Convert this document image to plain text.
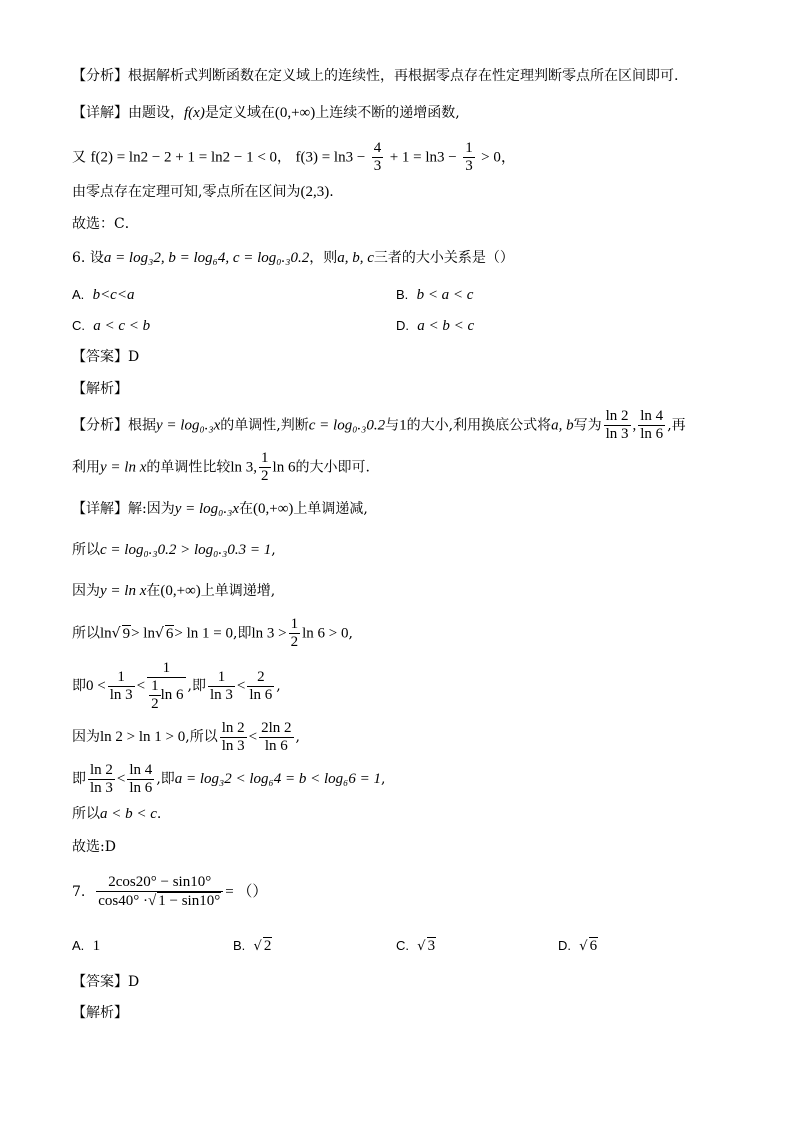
【分析】根据解析式判断函数在定义域上的连续性，再根据零点存在性定理判断零点所在区间即可.
【详解】由题设，f(x)是定义域在(0,+∞)上连续不断的递增函数,
又 f(2) = ln2 − 2 + 1 = ln2 − 1 < 0， $f(3) = \ln 3 - \frac{4}{3} + 1 = \ln 3 - \frac{1}{3} > 0$，
由零点存在定理可知,零点所在区间为(2,3).
故选：C．
6. 设a = log₃2, b = log₆4, c = log₀.₃0.2，则a, b, c三者的大小关系是（）
A. b<c<a	B. b < a < c
C. a < c < b	D. a < b < c
【答案】D
【解析】
【分析】根据y = log₀.₃x的单调性,判断c = log₀.₃0.2与1的大小,利用换底公式将a, b写为 $\frac{\ln 2}{\ln 3}$ , $\frac{\ln 4}{\ln 6}$ ,再
利用y = ln x的单调性比较ln 3, $\frac{1}{2}$ ln 6的大小即可.
【详解】解:因为y = log₀.₃x在(0,+∞)上单调递减,
所以c = log₀.₃0.2 > log₀.₃0.3 = 1,
因为y = ln x在(0,+∞)上单调递增,
所以ln√ 9> ln√ 6> ln 1 = 0,即$\ln 3 > \frac{1}{2}$ ln 6 > 0,
即$0 < \frac{1}{\ln 3} < \frac{1}{\frac{1}{2} \ln 6}$ ,即 $\frac{1}{\ln 3} < \frac{2}{\ln 6}$ ,
因为ln 2 > ln 1 > 0,所以 $\frac{\ln 2}{\ln 3} < \frac{2\ln 2}{\ln 6}$ ,
即 $\frac{\ln 2}{\ln 3} < \frac{\ln 4}{\ln 6}$ ,即a = log₃2 < log₆4 = b < log₆6 = 1,
所以a < b < c.
故选:D
7. $\frac{2\cos 20^\circ - \sin 10^\circ}{\cos 40^\circ \cdot√ 1 - \sin 10^\circ}$ = （）
A. 1	B.  √ 2	C.  √ 3	D.  √ 6
【答案】D
【解析】
